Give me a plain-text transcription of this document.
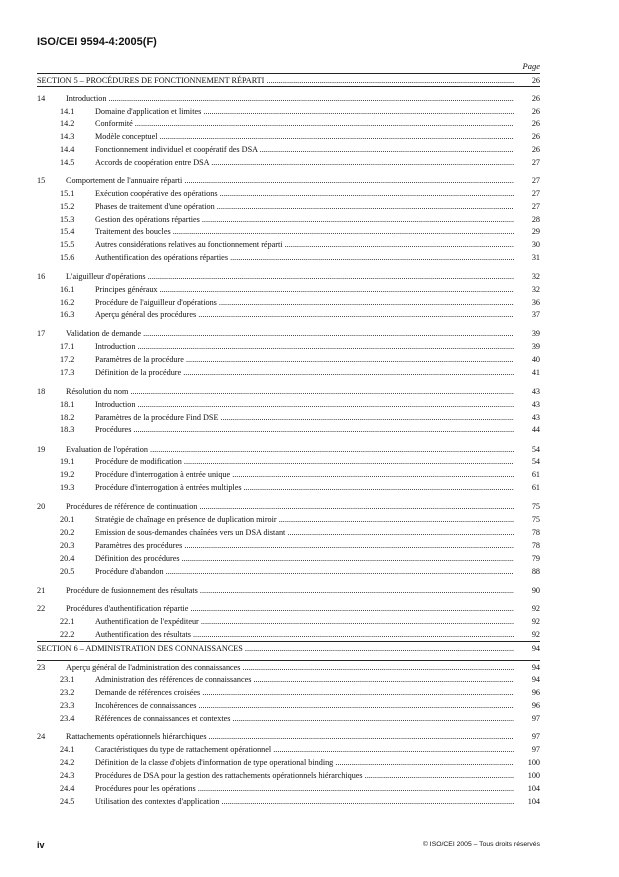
ISO/CEI 9594-4:2005(F)
Page
SECTION 5 – PROCÉDURES DE FONCTIONNEMENT RÉPARTI .....	26
14	Introduction .....	26
14.1	Domaine d'application et limites .....	26
14.2	Conformité .....	26
14.3	Modèle conceptuel .....	26
14.4	Fonctionnement individuel et coopératif des DSA .....	26
14.5	Accords de coopération entre DSA .....	27
15	Comportement de l'annuaire réparti .....	27
15.1	Exécution coopérative des opérations .....	27
15.2	Phases de traitement d'une opération .....	27
15.3	Gestion des opérations réparties .....	28
15.4	Traitement des boucles .....	29
15.5	Autres considérations relatives au fonctionnement réparti .....	30
15.6	Authentification des opérations réparties .....	31
16	L'aiguilleur d'opérations .....	32
16.1	Principes généraux .....	32
16.2	Procédure de l'aiguilleur d'opérations .....	36
16.3	Aperçu général des procédures .....	37
17	Validation de demande .....	39
17.1	Introduction .....	39
17.2	Paramètres de la procédure .....	40
17.3	Définition de la procédure .....	41
18	Résolution du nom .....	43
18.1	Introduction .....	43
18.2	Paramètres de la procédure Find DSE .....	43
18.3	Procédures .....	44
19	Evaluation de l'opération .....	54
19.1	Procédure de modification .....	54
19.2	Procédure d'interrogation à entrée unique .....	61
19.3	Procédure d'interrogation à entrées multiples .....	61
20	Procédures de référence de continuation .....	75
20.1	Stratégie de chaînage en présence de duplication miroir .....	75
20.2	Emission de sous-demandes chaînées vers un DSA distant .....	78
20.3	Paramètres des procédures .....	78
20.4	Définition des procédures .....	79
20.5	Procédure d'abandon .....	88
21	Procédure de fusionnement des résultats .....	90
22	Procédures d'authentification répartie .....	92
22.1	Authentification de l'expéditeur .....	92
22.2	Authentification des résultats .....	92
SECTION 6 – ADMINISTRATION DES CONNAISSANCES .....	94
23	Aperçu général de l'administration des connaissances .....	94
23.1	Administration des références de connaissances .....	94
23.2	Demande de références croisées .....	96
23.3	Incohérences de connaissances .....	96
23.4	Références de connaissances et contextes .....	97
24	Rattachements opérationnels hiérarchiques .....	97
24.1	Caractéristiques du type de rattachement opérationnel .....	97
24.2	Définition de la classe d'objets d'information de type operational binding .....	100
24.3	Procédures de DSA pour la gestion des rattachements opérationnels hiérarchiques .....	100
24.4	Procédures pour les opérations .....	104
24.5	Utilisation des contextes d'application .....	104
iv	© ISO/CEI 2005 – Tous droits réservés
